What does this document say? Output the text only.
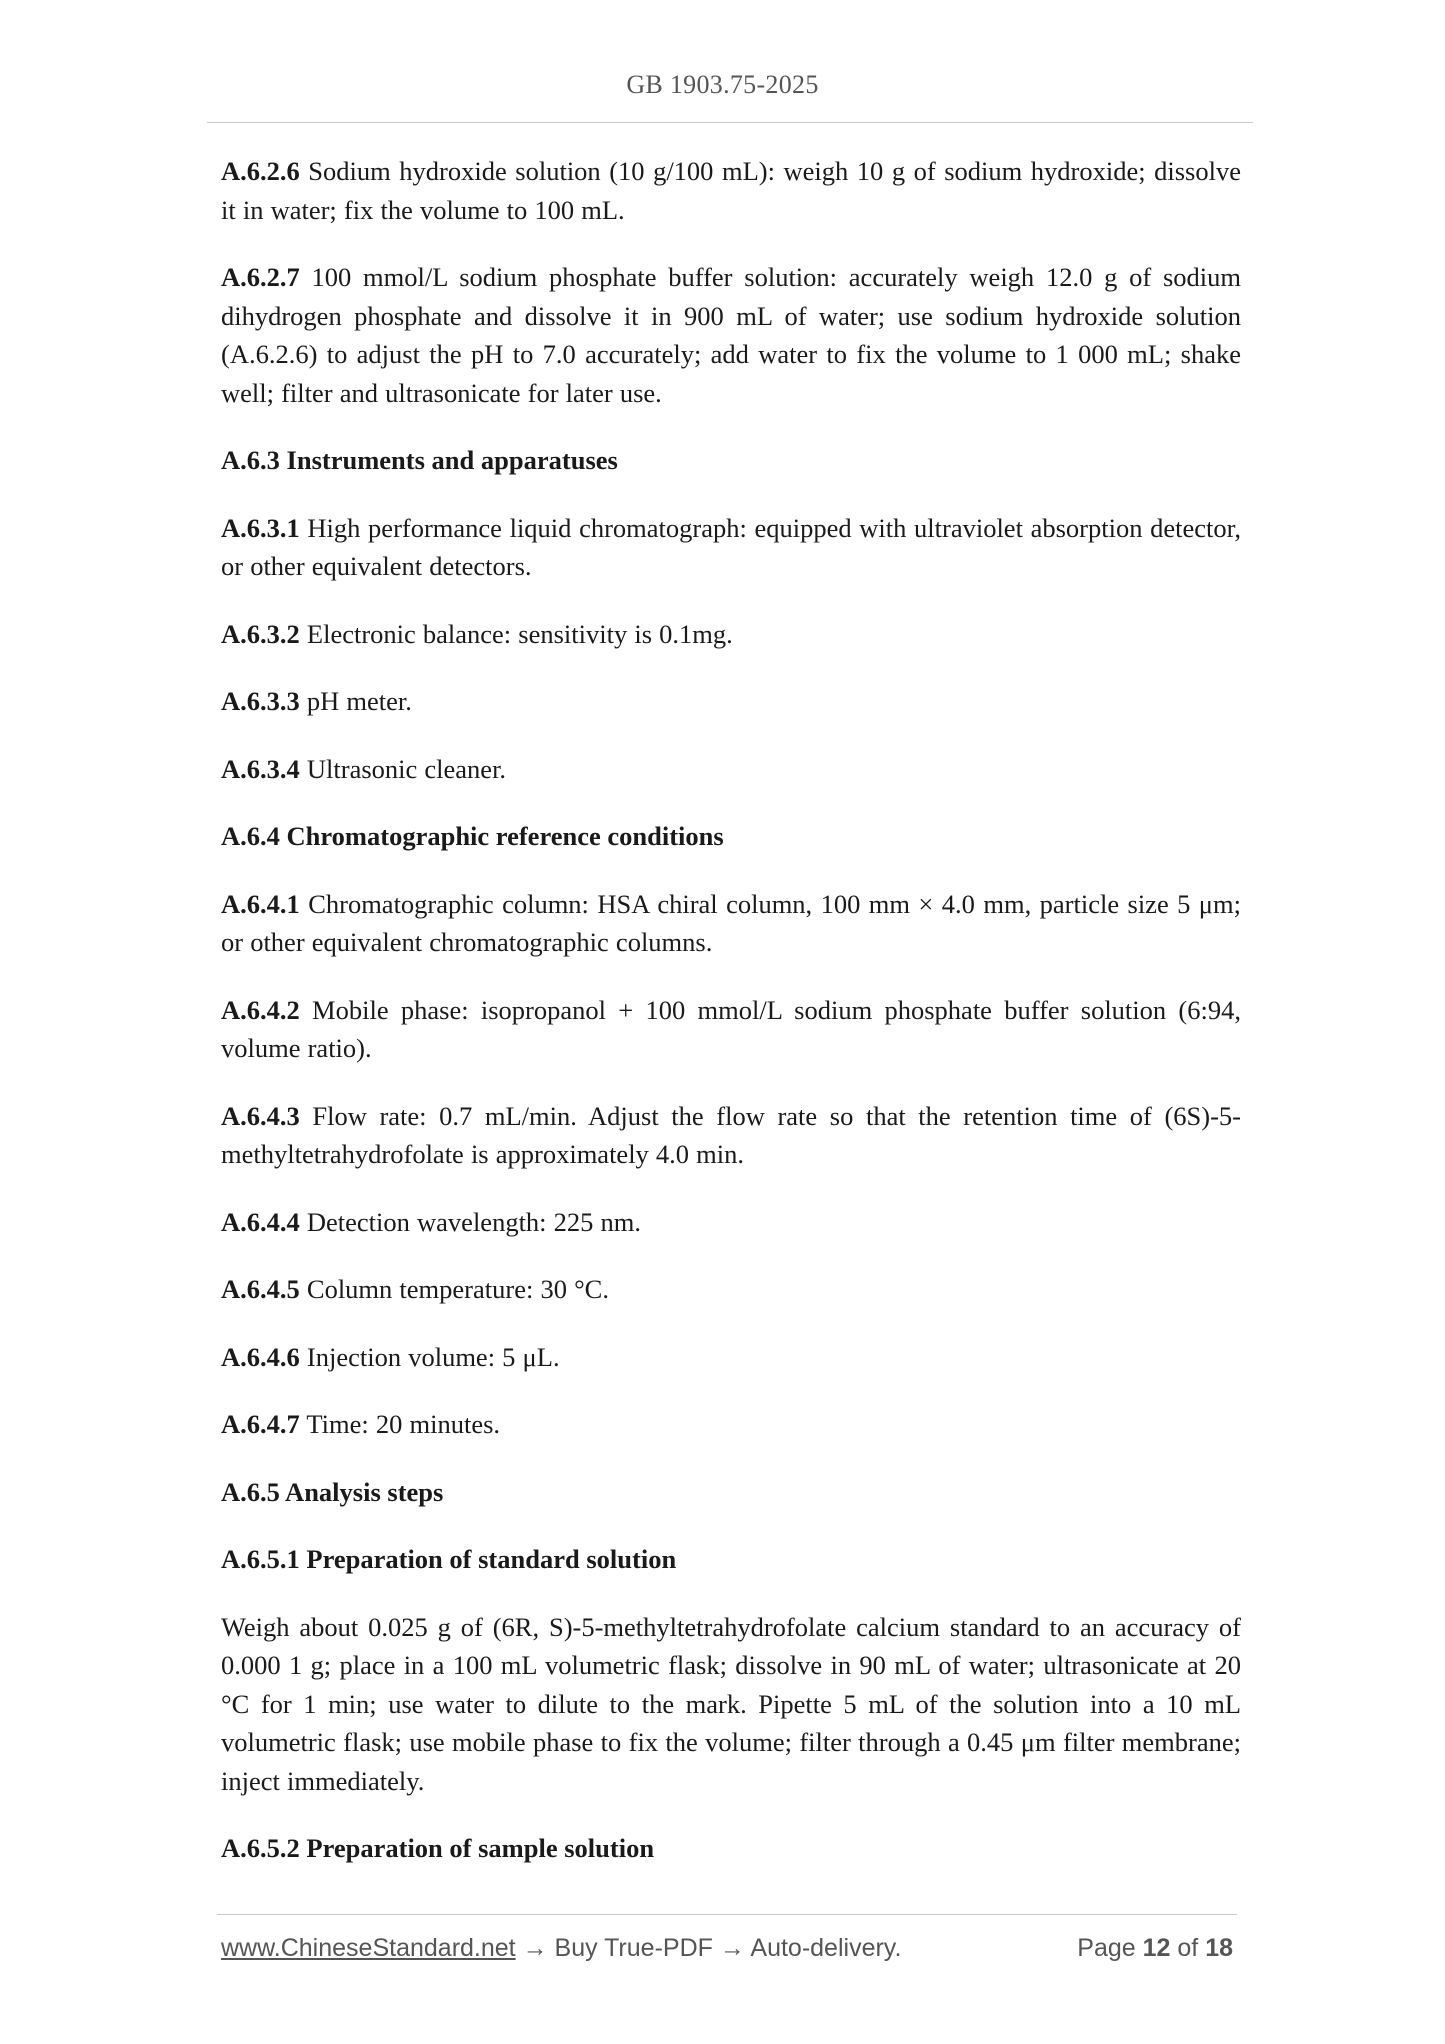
GB 1903.75-2025

A.6.2.6 Sodium hydroxide solution (10 g/100 mL): weigh 10 g of sodium hydroxide; dissolve it in water; fix the volume to 100 mL.

A.6.2.7 100 mmol/L sodium phosphate buffer solution: accurately weigh 12.0 g of sodium dihydrogen phosphate and dissolve it in 900 mL of water; use sodium hydroxide solution (A.6.2.6) to adjust the pH to 7.0 accurately; add water to fix the volume to 1 000 mL; shake well; filter and ultrasonicate for later use.

A.6.3 Instruments and apparatuses

A.6.3.1 High performance liquid chromatograph: equipped with ultraviolet absorption detector, or other equivalent detectors.

A.6.3.2 Electronic balance: sensitivity is 0.1mg.

A.6.3.3 pH meter.

A.6.3.4 Ultrasonic cleaner.

A.6.4 Chromatographic reference conditions

A.6.4.1 Chromatographic column: HSA chiral column, 100 mm × 4.0 mm, particle size 5 μm; or other equivalent chromatographic columns.

A.6.4.2 Mobile phase: isopropanol + 100 mmol/L sodium phosphate buffer solution (6:94, volume ratio).

A.6.4.3 Flow rate: 0.7 mL/min. Adjust the flow rate so that the retention time of (6S)-5-methyltetrahydrofolate is approximately 4.0 min.

A.6.4.4 Detection wavelength: 225 nm.

A.6.4.5 Column temperature: 30 °C.

A.6.4.6 Injection volume: 5 μL.

A.6.4.7 Time: 20 minutes.

A.6.5 Analysis steps

A.6.5.1 Preparation of standard solution

Weigh about 0.025 g of (6R, S)-5-methyltetrahydrofolate calcium standard to an accuracy of 0.000 1 g; place in a 100 mL volumetric flask; dissolve in 90 mL of water; ultrasonicate at 20 °C for 1 min; use water to dilute to the mark. Pipette 5 mL of the solution into a 10 mL volumetric flask; use mobile phase to fix the volume; filter through a 0.45 μm filter membrane; inject immediately.

A.6.5.2 Preparation of sample solution

www.ChineseStandard.net → Buy True-PDF → Auto-delivery.	Page 12 of 18
